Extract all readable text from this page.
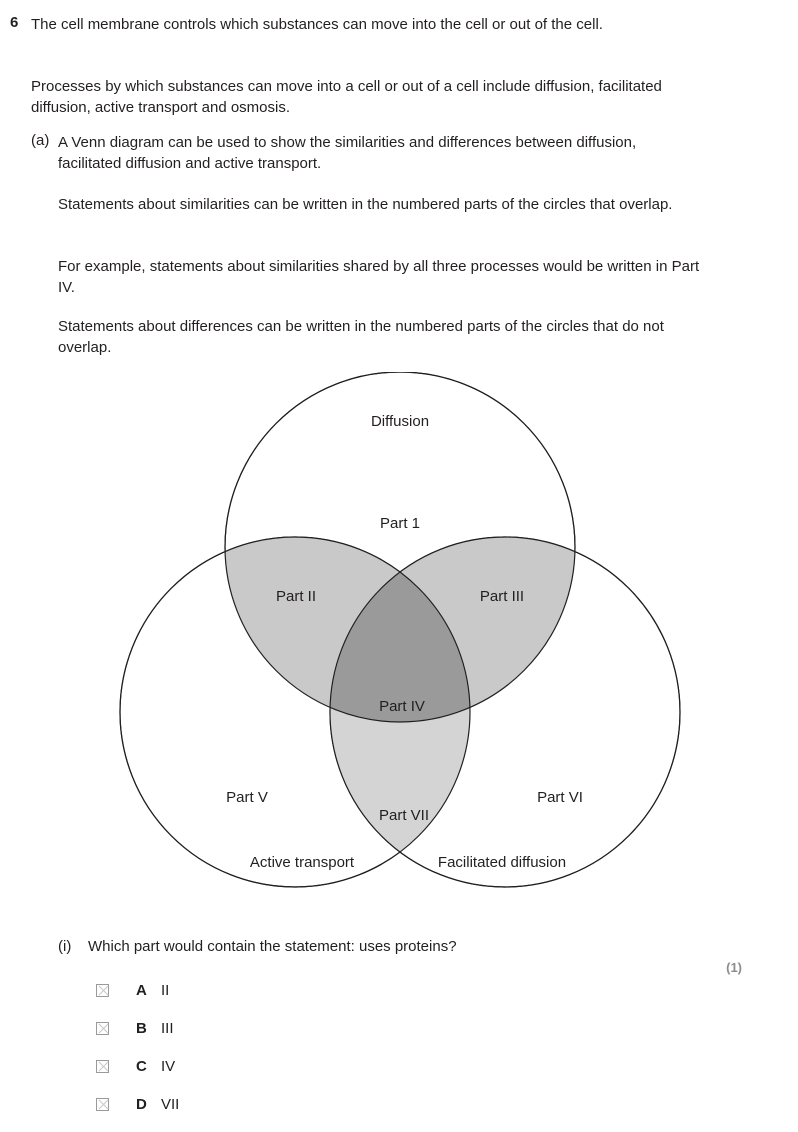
6 The cell membrane controls which substances can move into the cell or out of the cell.
Processes by which substances can move into a cell or out of a cell include diffusion, facilitated diffusion, active transport and osmosis.
(a) A Venn diagram can be used to show the similarities and differences between diffusion, facilitated diffusion and active transport.
Statements about similarities can be written in the numbered parts of the circles that overlap.
For example, statements about similarities shared by all three processes would be written in Part IV.
Statements about differences can be written in the numbered parts of the circles that do not overlap.
Diffusion
Part 1
Part II	Part III
Part IV
Part V	Part VI
Part VII
Active transport	Facilitated diffusion
(i) Which part would contain the statement: uses proteins?
(1)
A II
B III
C IV
D VII
